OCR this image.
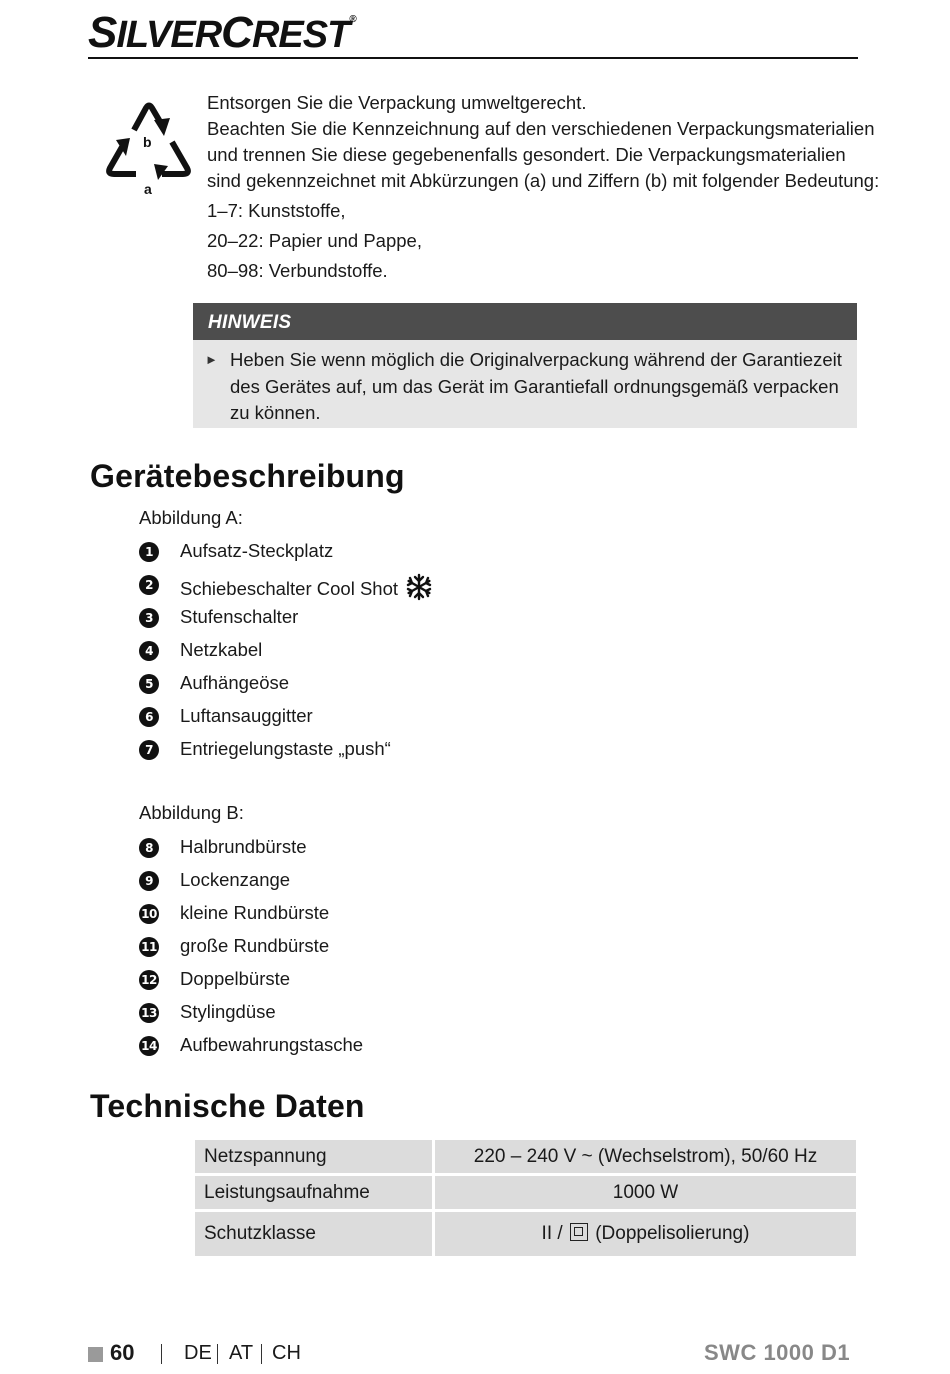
SILVERCREST®
b
a

Entsorgen Sie die Verpackung umweltgerecht.

Beachten Sie die Kennzeichnung auf den verschiedenen Verpackungsmaterialien

und trennen Sie diese gegebenenfalls gesondert. Die Verpackungsmaterialien

sind gekennzeichnet mit Abkürzungen (a) und Ziffern (b) mit folgender Bedeutung:

1–7: Kunststoffe,

20–22: Papier und Pappe,

80–98: Verbundstoffe.

HINWEIS
► Heben Sie wenn möglich die Originalverpackung während der Garantiezeit
des Gerätes auf, um das Gerät im Garantiefall ordnungsgemäß verpacken
zu können.
Gerätebeschreibung
Abbildung A:
1	Aufsatz-Steckplatz
2	Schiebeschalter Cool Shot
3	Stufenschalter
4	Netzkabel
5	Aufhängeöse
6	Luftansauggitter
7	Entriegelungstaste „push“
Abbildung B:
8	Halbrundbürste
9	Lockenzange
10 kleine Rundbürste
11 große Rundbürste
12 Doppelbürste
13 Stylingdüse
14 Aufbewahrungstasche
Technische Daten
Netzspannung	220 – 240 V ~ (Wechselstrom), 50/60 Hz
Leistungsaufnahme	1000 W
Schutzklasse	II / (Doppelisolierung)
60 DE AT CH	SWC 1000 D1
